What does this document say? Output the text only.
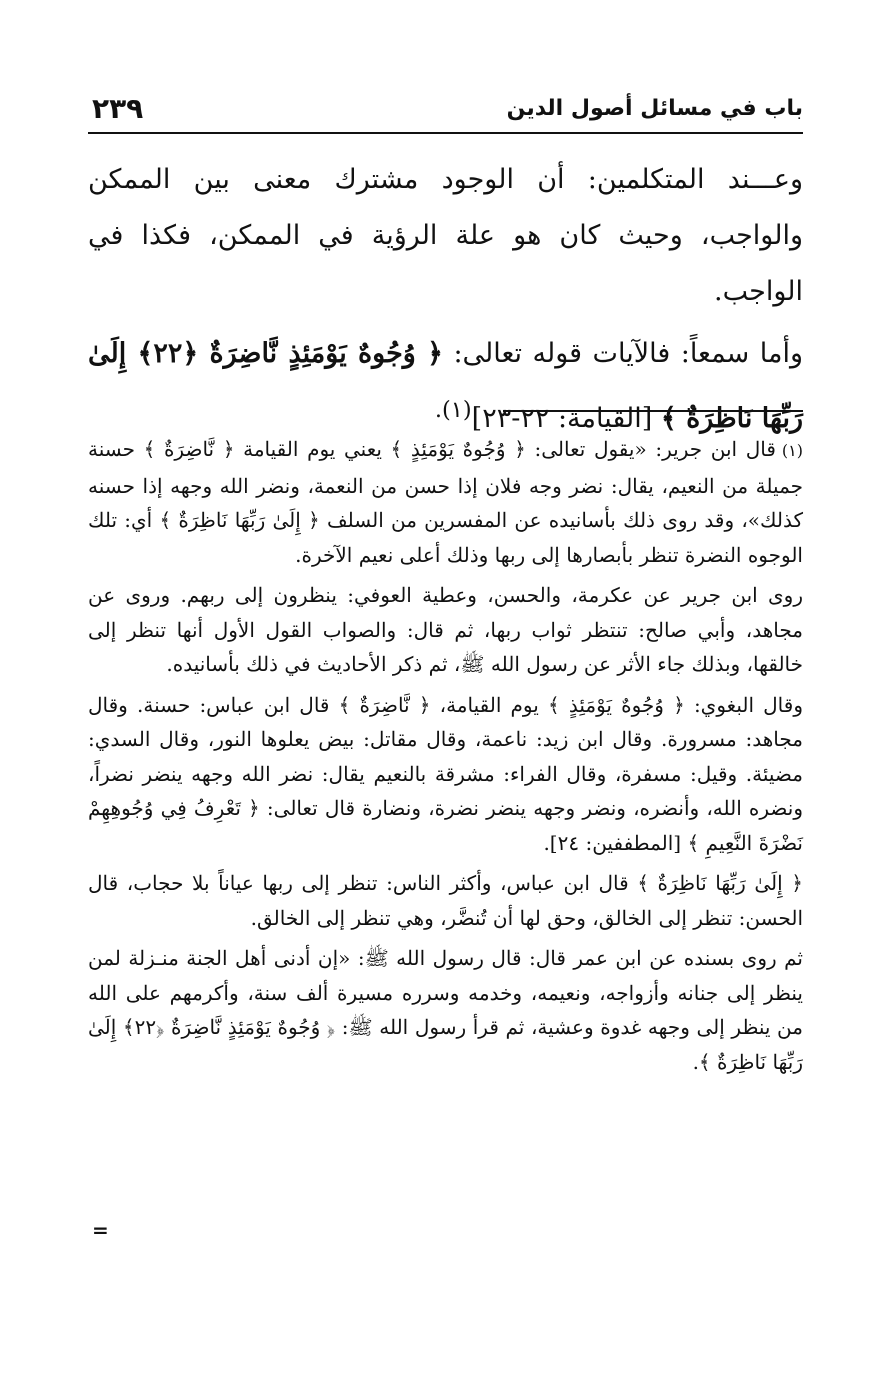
باب في مسائل أصول الدين
٢٣٩

وعـــند المتكلمين: أن الوجود مشترك معنى بين الممكن والواجب، وحيث كان هو علة الرؤية في الممكن، فكذا في الواجب.

وأما سمعاً: فالآيات قوله تعالى: ﴿ وُجُوهٌ يَوْمَئِذٍ نَّاضِرَةٌ ﴿٢٢﴾ إِلَىٰ رَبِّهَا نَاظِرَةٌ ﴾ [القيامة: ٢٢-٢٣]$^{(١).}$

(١)قال ابن جرير: «يقول تعالى: ﴿ وُجُوهٌ يَوْمَئِذٍ ﴾ يعني يوم القيامة ﴿ نَّاضِرَةٌ ﴾ حسنة جميلة من النعيم، يقال: نضر وجه فلان إذا حسن من النعمة، ونضر الله وجهه إذا حسنه كذلك»، وقد روى ذلك بأسانيده عن المفسرين من السلف ﴿ إِلَىٰ رَبِّهَا نَاظِرَةٌ ﴾ أي: تلك الوجوه النضرة تنظر بأبصارها إلى ربها وذلك أعلى نعيم الآخرة.

روى ابن جرير عن عكرمة، والحسن، وعطية العوفي: ينظرون إلى ربهم. وروى عن مجاهد، وأبي صالح: تنتظر ثواب ربها، ثم قال: والصواب القول الأول أنها تنظر إلى خالقها، وبذلك جاء الأثر عن رسول الله ﷺ، ثم ذكر الأحاديث في ذلك بأسانيده.

وقال البغوي: ﴿ وُجُوهٌ يَوْمَئِذٍ ﴾ يوم القيامة، ﴿ نَّاضِرَةٌ ﴾ قال ابن عباس: حسنة. وقال مجاهد: مسرورة. وقال ابن زيد: ناعمة، وقال مقاتل: بيض يعلوها النور، وقال السدي: مضيئة. وقيل: مسفرة، وقال الفراء: مشرقة بالنعيم يقال: نضر الله وجهه ينضر نضراً، ونضره الله، وأنضره، ونضر وجهه ينضر نضرة، ونضارة قال تعالى: ﴿ تَعْرِفُ فِي وُجُوهِهِمْ نَضْرَةَ النَّعِيمِ ﴾ [المطففين: ٢٤].

﴿ إِلَىٰ رَبِّهَا نَاظِرَةٌ ﴾ قال ابن عباس، وأكثر الناس: تنظر إلى ربها عياناً بلا حجاب، قال الحسن: تنظر إلى الخالق، وحق لها أن تُنضَّر، وهي تنظر إلى الخالق.

ثم روى بسنده عن ابن عمر قال: قال رسول الله ﷺ: «إن أدنى أهل الجنة منـزلة لمن ينظر إلى جنانه وأزواجه، ونعيمه، وخدمه وسرره مسيرة ألف سنة، وأكرمهم على الله من ينظر إلى وجهه غدوة وعشية، ثم قرأ رسول الله ﷺ: ﴿ وُجُوهٌ يَوْمَئِذٍ نَّاضِرَةٌ ﴿٢٢﴾ إِلَىٰ رَبِّهَا نَاظِرَةٌ ﴾.

=
